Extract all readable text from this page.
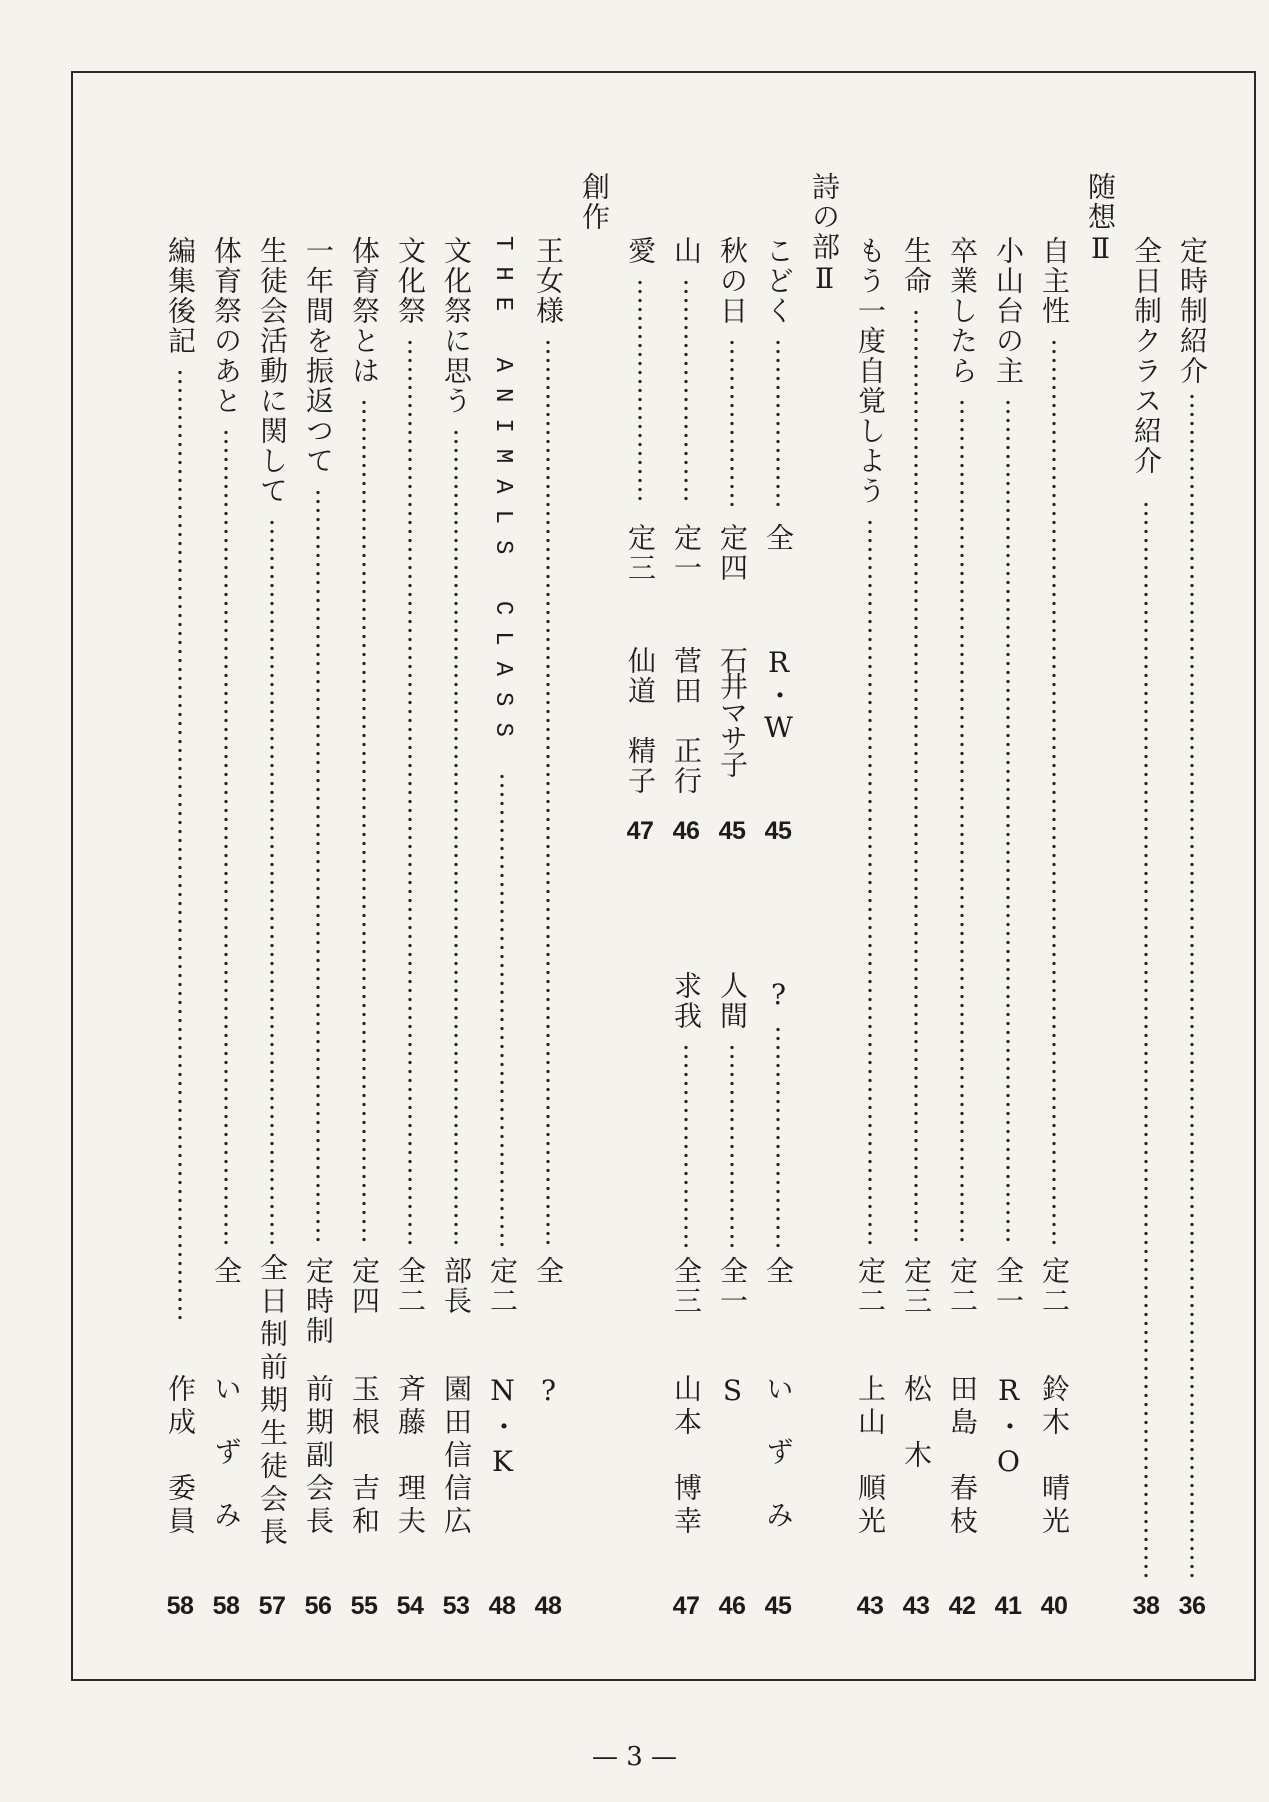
定時制紹介
36
全日制クラス紹介
38
随想Ⅱ
自主性
定二
鈴木　晴光
40
小山台の主
全一
R・O
41
卒業したら
定二
田島　春枝
42
生命
定三
松　木
43
もう一度自覚しよう
定二
上山　順光
43
詩の部Ⅱ
こどく
全
R・W
45
?
全
いずみ
45
秋の日
定四
石井マサ子
45
人間
全一
S
46
山
定一
菅田　正行
46
求我
全三
山本　博幸
47
愛
定三
仙道　精子
47
創作
王女様
全
?
48
THE ANIMALS CLASS
定二
N・K
48
文化祭に思う
部長
園田信信広
53
文化祭
全二
斉藤　理夫
54
体育祭とは
定四
玉根　吉和
55
一年間を振返つて
定時制
前期副会長
56
生徒会活動に関して
全日制前期生徒会長
57
体育祭のあと
全
いずみ
58
編集後記
作成　委員
58
— 3 —
